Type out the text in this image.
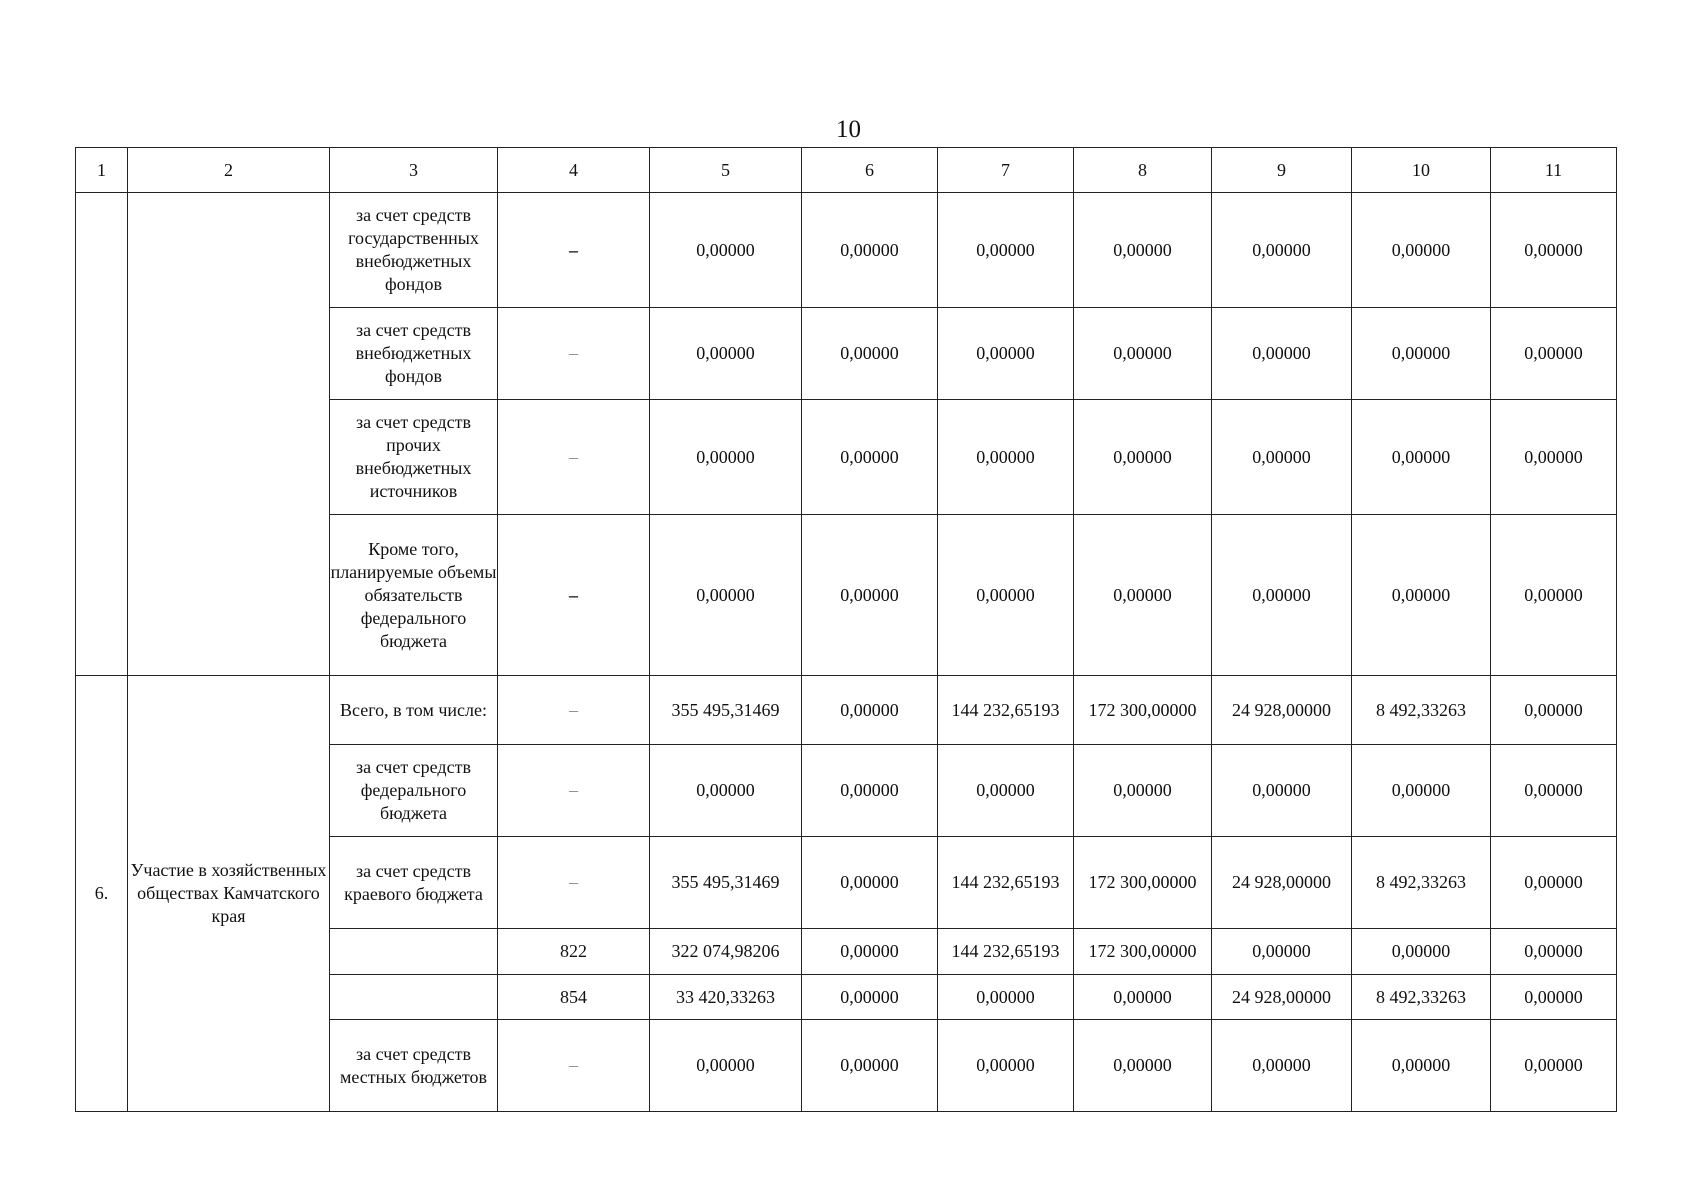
10
1	2	3	4	5	6	7	8	9	10	11
		за счет средств государственных внебюджетных фондов	–	0,00000	0,00000	0,00000	0,00000	0,00000	0,00000	0,00000
		за счет средств внебюджетных фондов	–	0,00000	0,00000	0,00000	0,00000	0,00000	0,00000	0,00000
		за счет средств прочих внебюджетных источников	–	0,00000	0,00000	0,00000	0,00000	0,00000	0,00000	0,00000
		Кроме того, планируемые объемы обязательств федерального бюджета	–	0,00000	0,00000	0,00000	0,00000	0,00000	0,00000	0,00000
6.	Участие в хозяйственных обществах Камчатского края	Всего, в том числе:	–	355 495,31469	0,00000	144 232,65193	172 300,00000	24 928,00000	8 492,33263	0,00000
		за счет средств федерального бюджета	–	0,00000	0,00000	0,00000	0,00000	0,00000	0,00000	0,00000
		за счет средств краевого бюджета	–	355 495,31469	0,00000	144 232,65193	172 300,00000	24 928,00000	8 492,33263	0,00000
			822	322 074,98206	0,00000	144 232,65193	172 300,00000	0,00000	0,00000	0,00000
			854	33 420,33263	0,00000	0,00000	0,00000	24 928,00000	8 492,33263	0,00000
		за счет средств местных бюджетов	–	0,00000	0,00000	0,00000	0,00000	0,00000	0,00000	0,00000
